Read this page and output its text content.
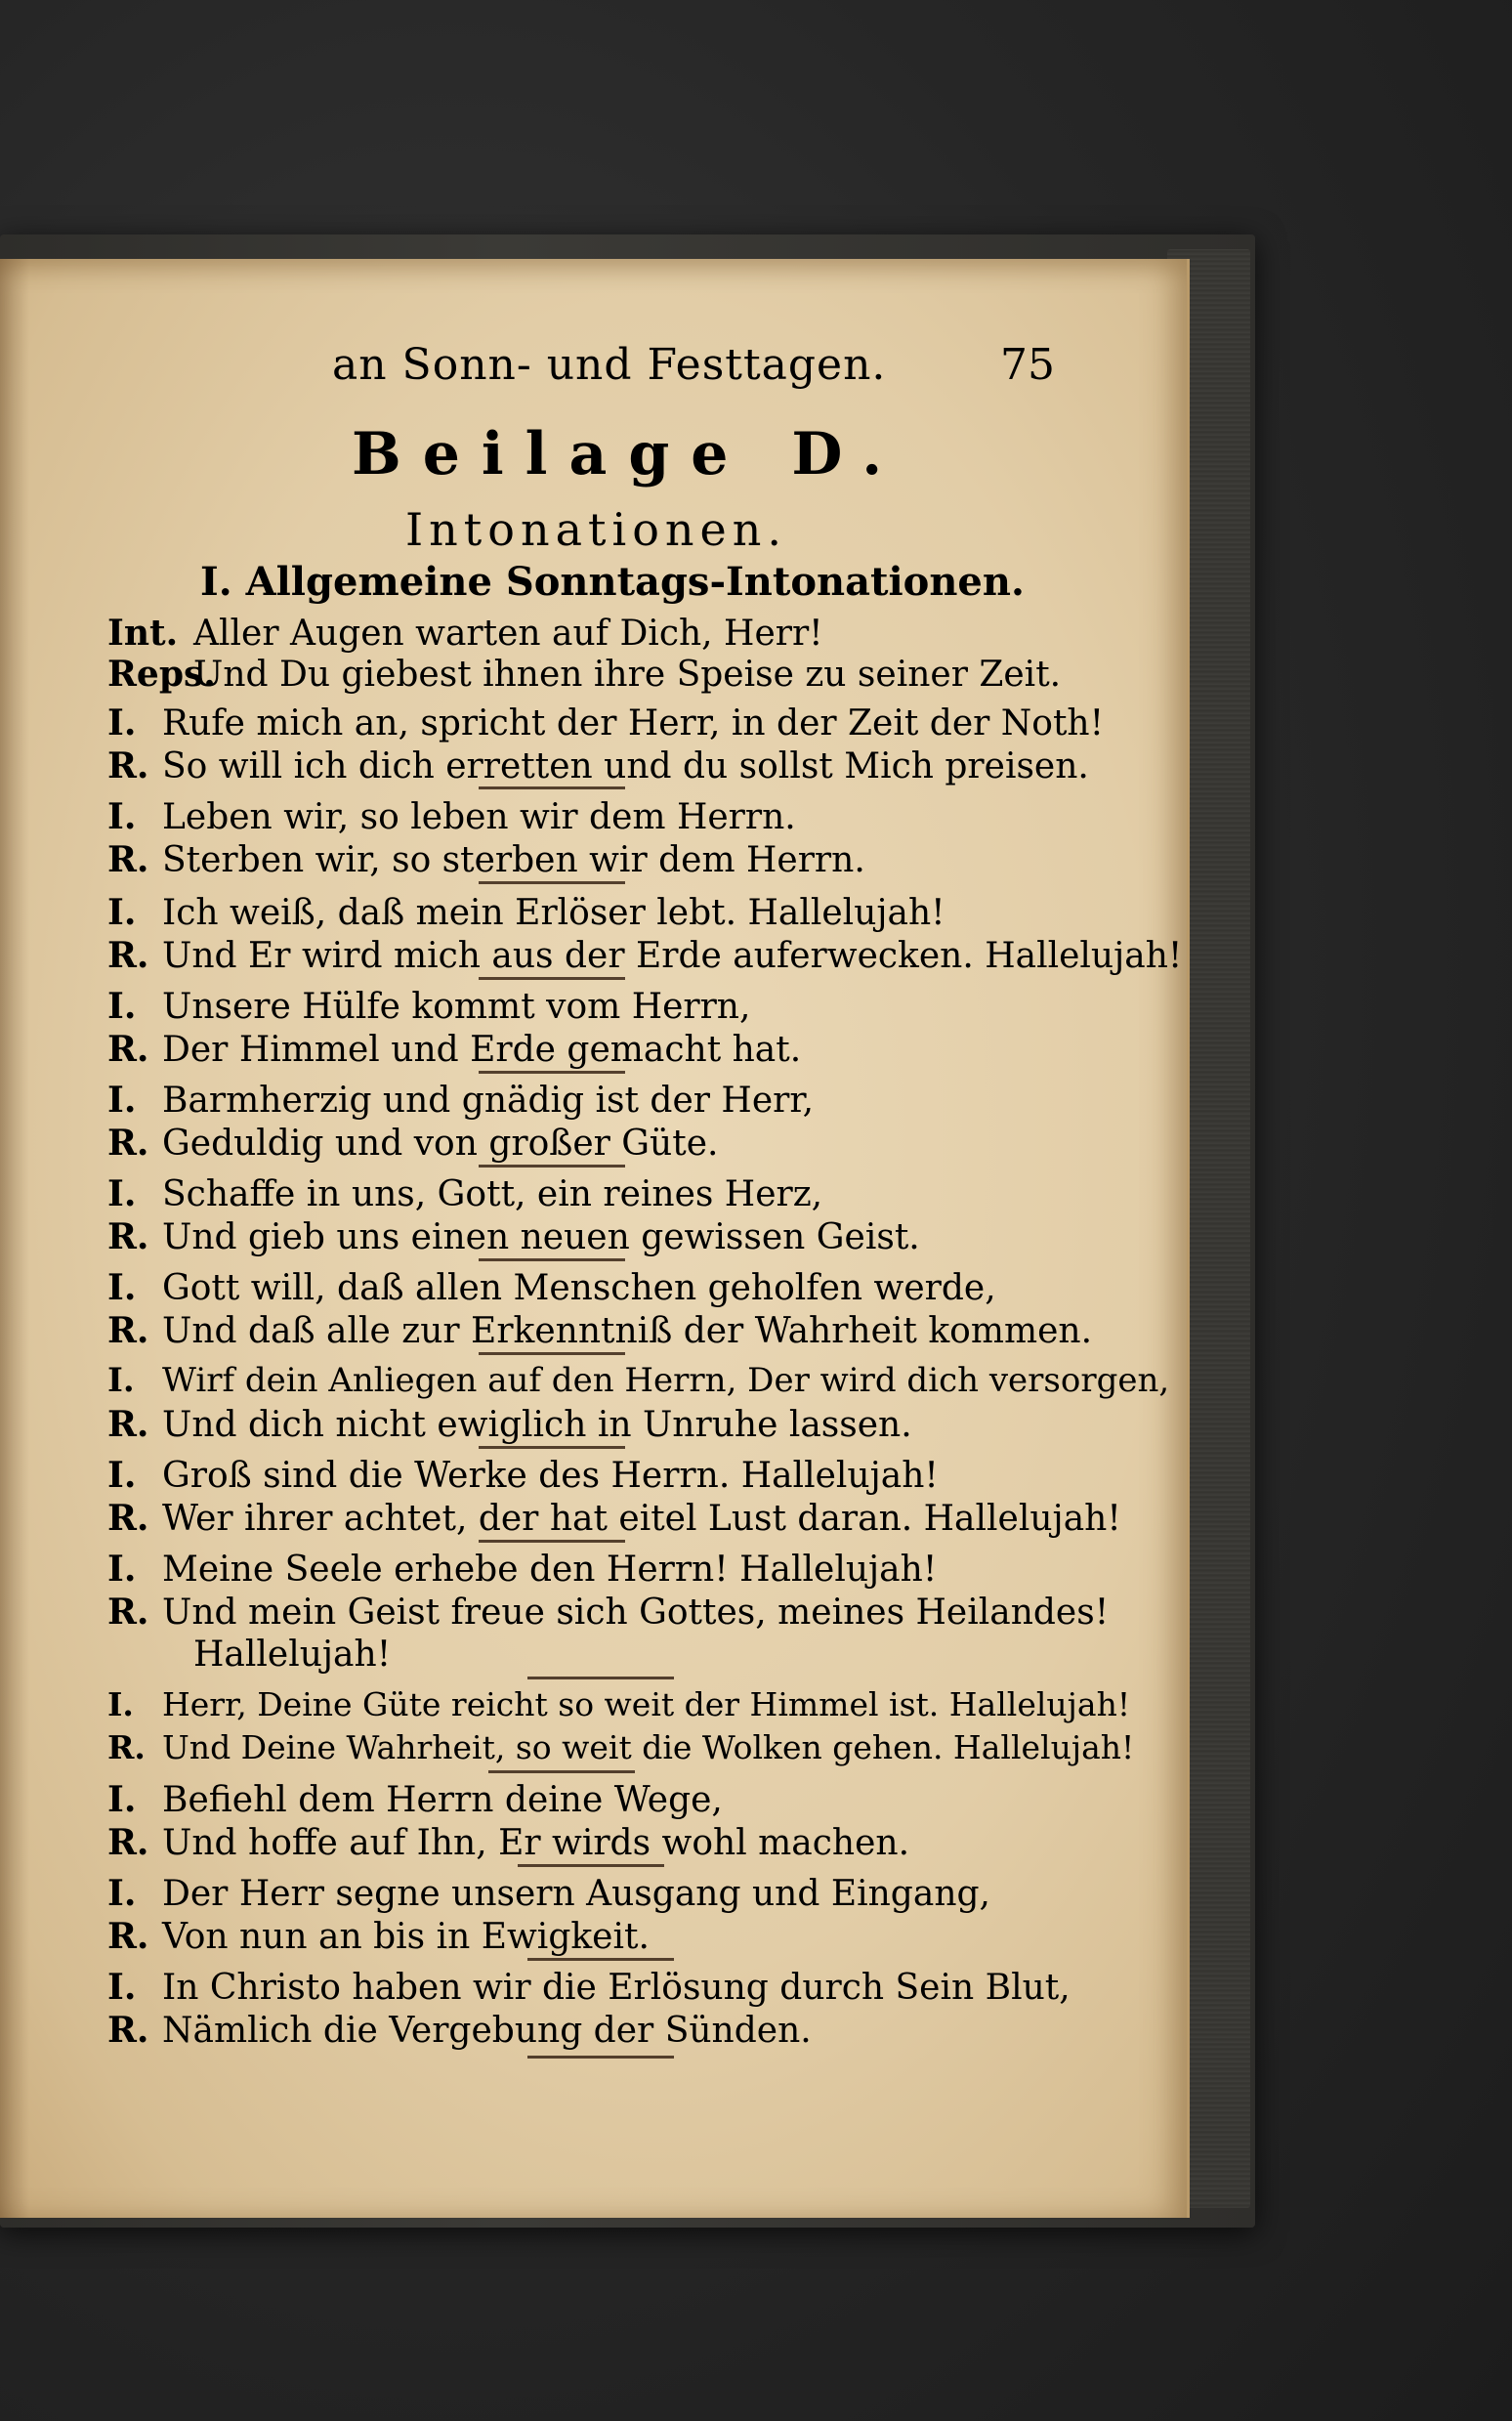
an Sonn- und Festtagen.	75
Beilage D.
Intonationen.
I. Allgemeine Sonntags-Intonationen.
Int. Aller Augen warten auf Dich, Herr!
Reps.Und Du giebest ihnen ihre Speise zu seiner Zeit.
I. Rufe mich an, spricht der Herr, in der Zeit der Noth!
R. So will ich dich erretten und du sollst Mich preisen.
I. Leben wir, so leben wir dem Herrn.
R. Sterben wir, so sterben wir dem Herrn.
I. Ich weiß, daß mein Erlöser lebt. Hallelujah!
R. Und Er wird mich aus der Erde auferwecken. Hallelujah!
I. Unsere Hülfe kommt vom Herrn,
R. Der Himmel und Erde gemacht hat.
I. Barmherzig und gnädig ist der Herr,
R. Geduldig und von großer Güte.
I. Schaffe in uns, Gott, ein reines Herz,
R. Und gieb uns einen neuen gewissen Geist.
I. Gott will, daß allen Menschen geholfen werde,
R. Und daß alle zur Erkenntniß der Wahrheit kommen.
I. Wirf dein Anliegen auf den Herrn, Der wird dich versorgen,
R. Und dich nicht ewiglich in Unruhe lassen.
I. Groß sind die Werke des Herrn. Hallelujah!
R. Wer ihrer achtet, der hat eitel Lust daran. Hallelujah!
I. Meine Seele erhebe den Herrn! Hallelujah!
R. Und mein Geist freue sich Gottes, meines Heilandes!
Hallelujah!
I. Herr, Deine Güte reicht so weit der Himmel ist. Hallelujah!
R. Und Deine Wahrheit, so weit die Wolken gehen. Hallelujah!
I. Befiehl dem Herrn deine Wege,
R. Und hoffe auf Ihn, Er wirds wohl machen.
I. Der Herr segne unsern Ausgang und Eingang,
R. Von nun an bis in Ewigkeit.
I. In Christo haben wir die Erlösung durch Sein Blut,
R. Nämlich die Vergebung der Sünden.
